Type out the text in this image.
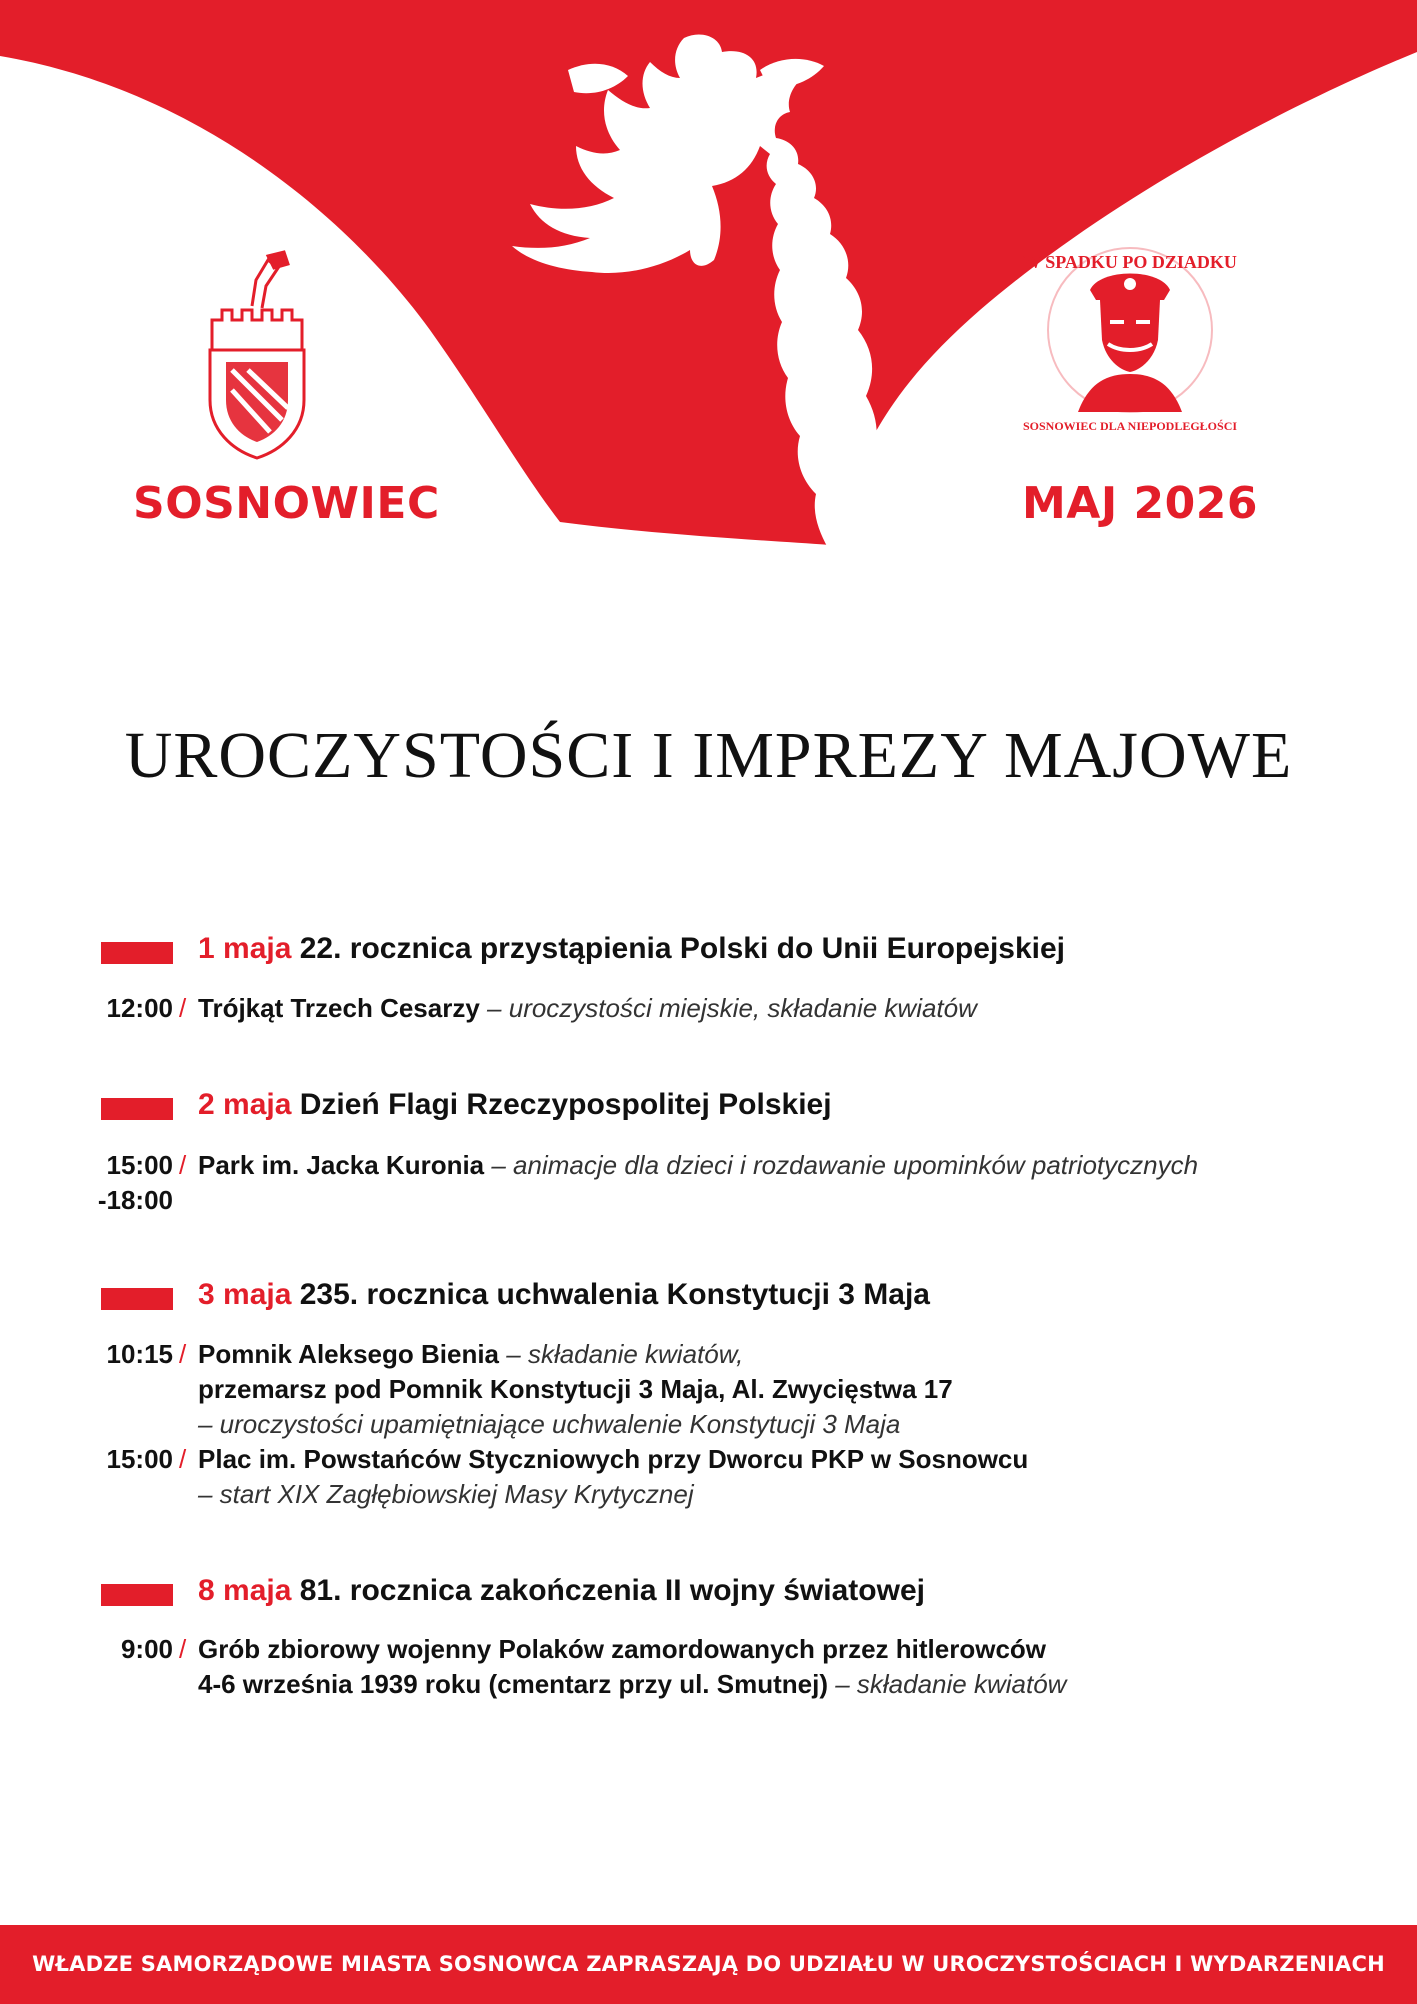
W SPADKU PO DZIADKU
SOSNOWIEC DLA NIEPODLEGŁOŚCI
SOSNOWIEC	MAJ 2026
UROCZYSTOŚCI I IMPREZY MAJOWE
1 maja 22. rocznica przystąpienia Polski do Unii Europejskiej
12:00 / Trójkąt Trzech Cesarzy – uroczystości miejskie, składanie kwiatów
2 maja Dzień Flagi Rzeczypospolitej Polskiej
15:00 / Park im. Jacka Kuronia – animacje dla dzieci i rozdawanie upominków patriotycznych
-18:00
3 maja 235. rocznica uchwalenia Konstytucji 3 Maja
10:15 / Pomnik Aleksego Bienia – składanie kwiatów,
przemarsz pod Pomnik Konstytucji 3 Maja, Al. Zwycięstwa 17
– uroczystości upamiętniające uchwalenie Konstytucji 3 Maja
15:00 / Plac im. Powstańców Styczniowych przy Dworcu PKP w Sosnowcu
– start XIX Zagłębiowskiej Masy Krytycznej
8 maja 81. rocznica zakończenia II wojny światowej
9:00 / Grób zbiorowy wojenny Polaków zamordowanych przez hitlerowców
4-6 września 1939 roku (cmentarz przy ul. Smutnej) – składanie kwiatów
WŁADZE SAMORZĄDOWE MIASTA SOSNOWCA ZAPRASZAJĄ DO UDZIAŁU W UROCZYSTOŚCIACH I WYDARZENIACH
